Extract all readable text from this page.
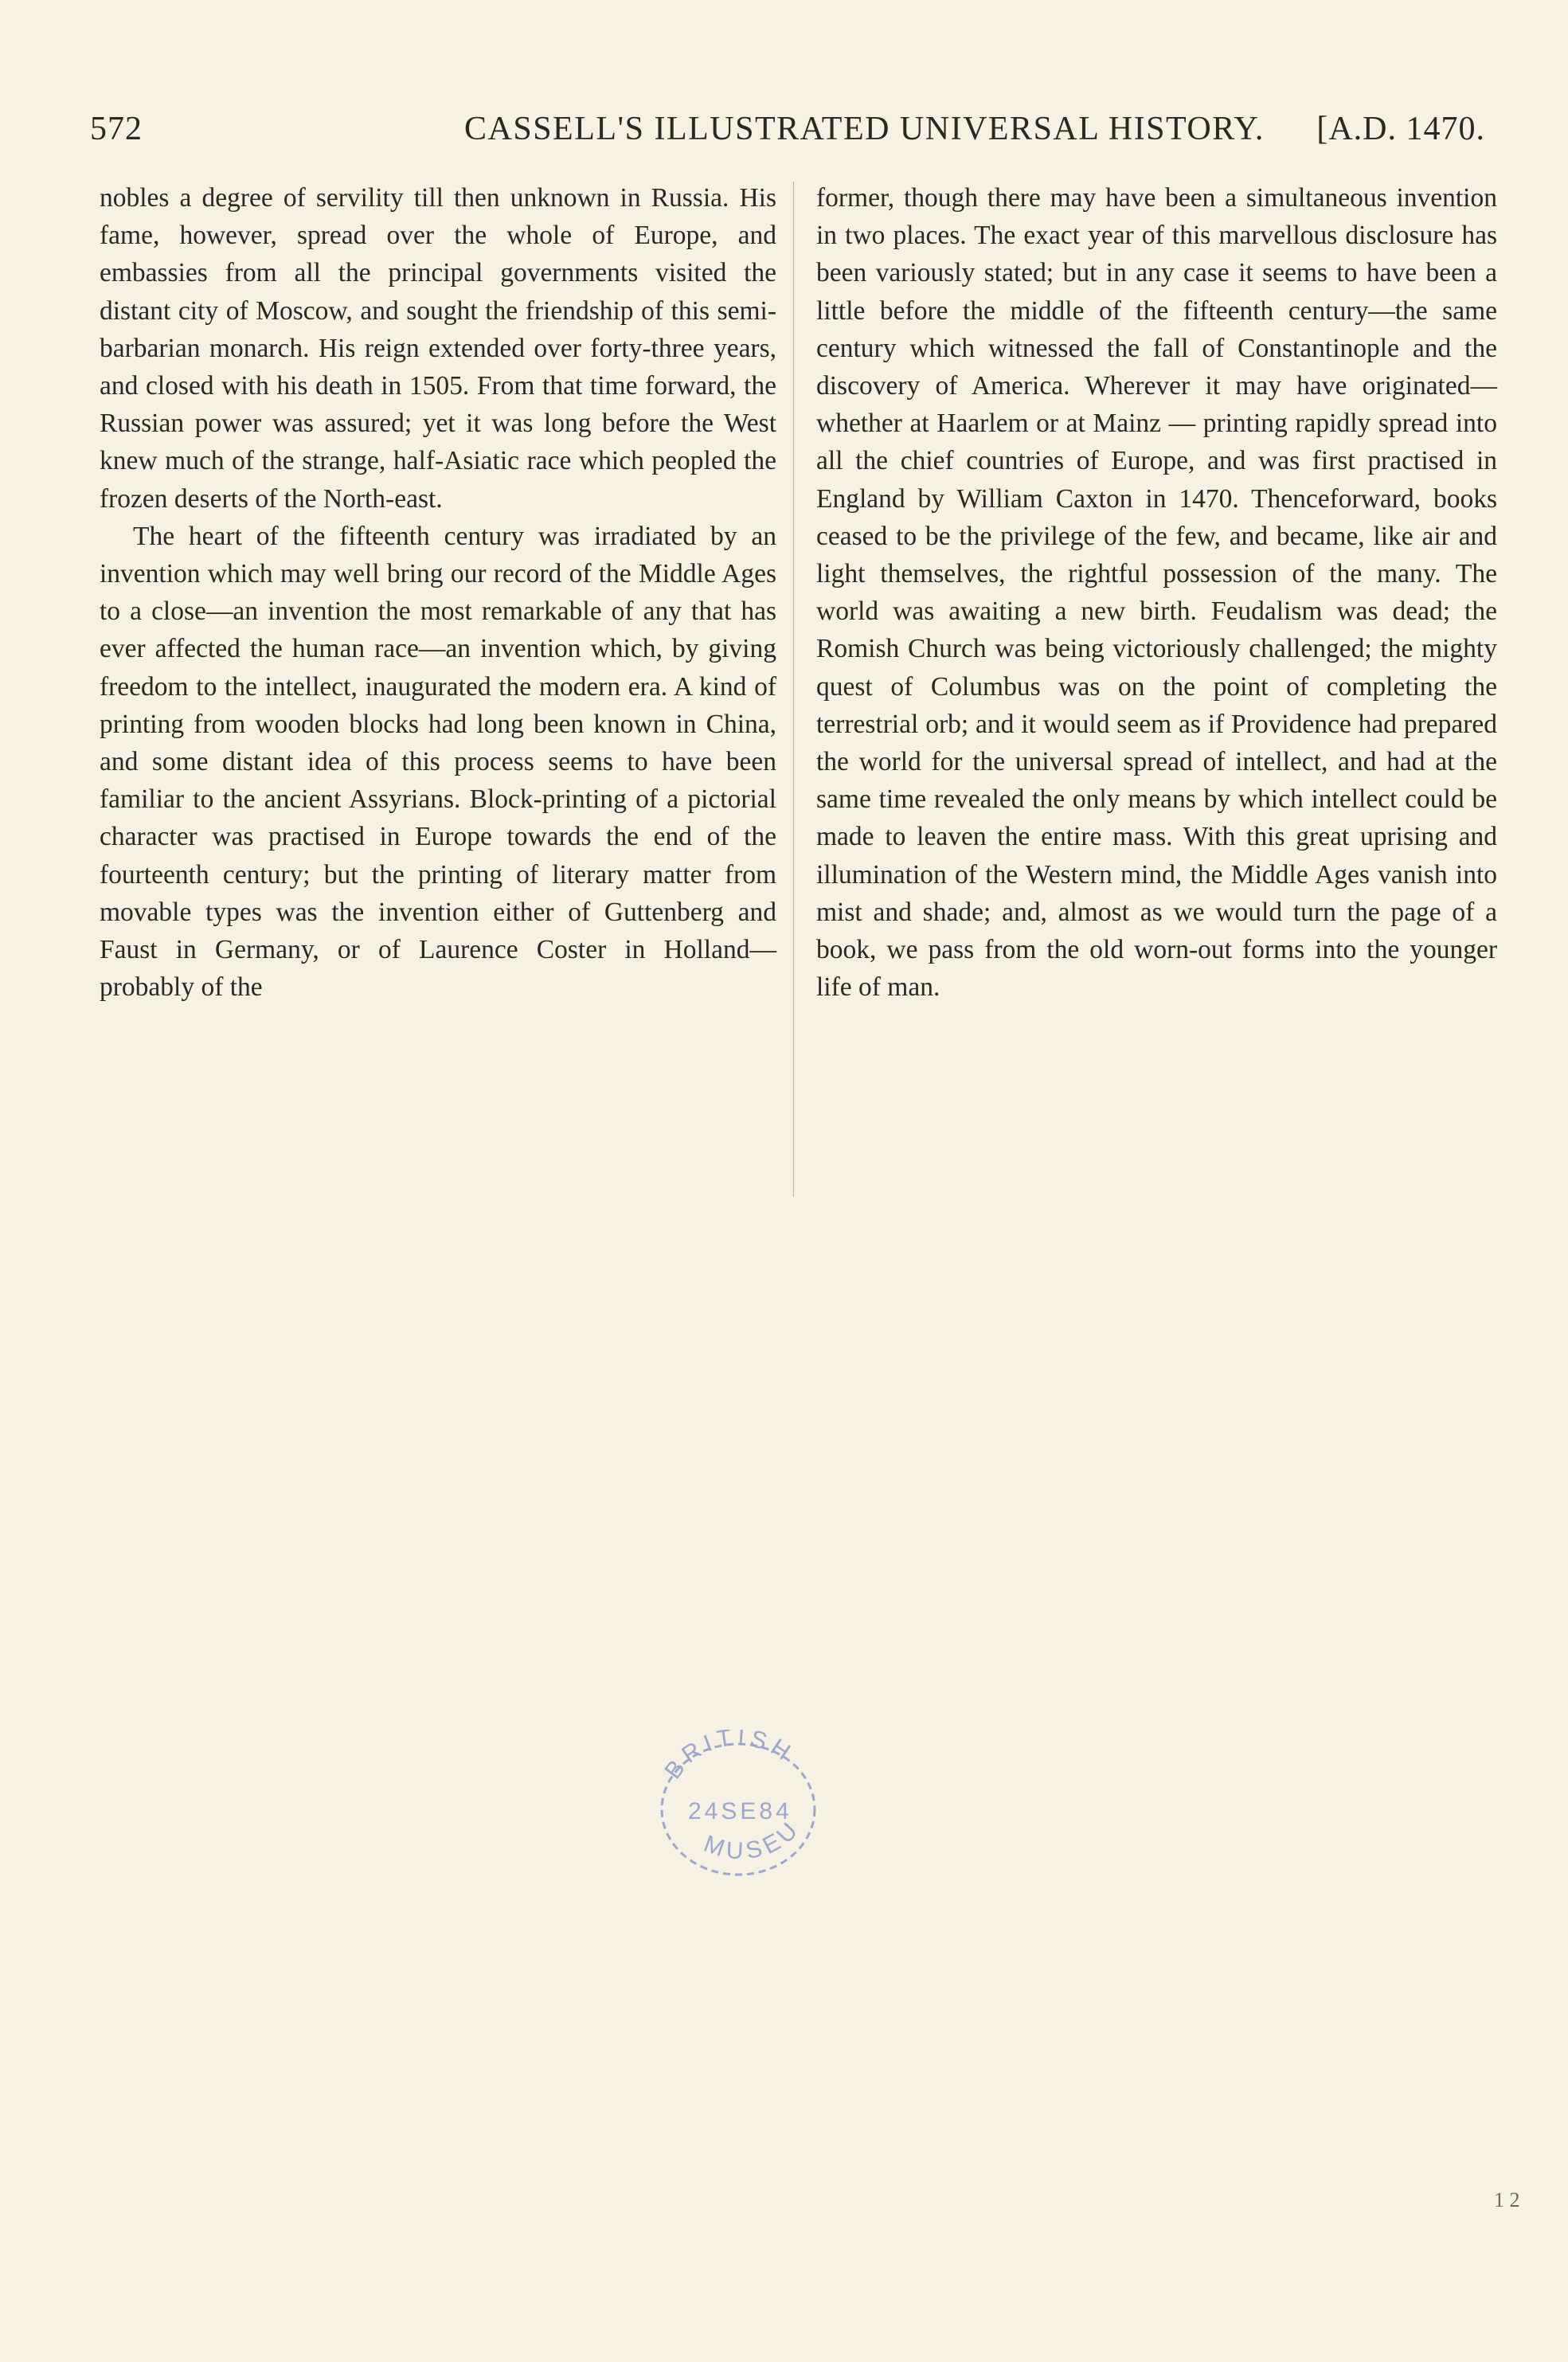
572	CASSELL'S ILLUSTRATED UNIVERSAL HISTORY. [A.D. 1470.

nobles a degree of servility till then unknown in Russia. His fame, however, spread over the whole of Europe, and embassies from all the principal governments visited the distant city of Moscow, and sought the friendship of this semi-barbarian monarch. His reign extended over forty-three years, and closed with his death in 1505. From that time forward, the Russian power was assured; yet it was long before the West knew much of the strange, half-Asiatic race which peopled the frozen deserts of the North-east.

The heart of the fifteenth century was irradiated by an invention which may well bring our record of the Middle Ages to a close—an invention the most remarkable of any that has ever affected the human race—an invention which, by giving freedom to the intellect, inaugurated the modern era. A kind of printing from wooden blocks had long been known in China, and some distant idea of this process seems to have been familiar to the ancient Assyrians. Block-printing of a pictorial character was practised in Europe towards the end of the fourteenth century; but the printing of literary matter from movable types was the invention either of Guttenberg and Faust in Germany, or of Laurence Coster in Holland—probably of the

former, though there may have been a simultaneous invention in two places. The exact year of this marvellous disclosure has been variously stated; but in any case it seems to have been a little before the middle of the fifteenth century—the same century which witnessed the fall of Constantinople and the discovery of America. Wherever it may have originated—whether at Haarlem or at Mainz — printing rapidly spread into all the chief countries of Europe, and was first practised in England by William Caxton in 1470. Thenceforward, books ceased to be the privilege of the few, and became, like air and light themselves, the rightful possession of the many. The world was awaiting a new birth. Feudalism was dead; the Romish Church was being victoriously challenged; the mighty quest of Columbus was on the point of completing the terrestrial orb; and it would seem as if Providence had prepared the world for the universal spread of intellect, and had at the same time revealed the only means by which intellect could be made to leaven the entire mass. With this great uprising and illumination of the Western mind, the Middle Ages vanish into mist and shade; and, almost as we would turn the page of a book, we pass from the old worn-out forms into the younger life of man.

BRITISH
24SE84
MUSEU
1 2
